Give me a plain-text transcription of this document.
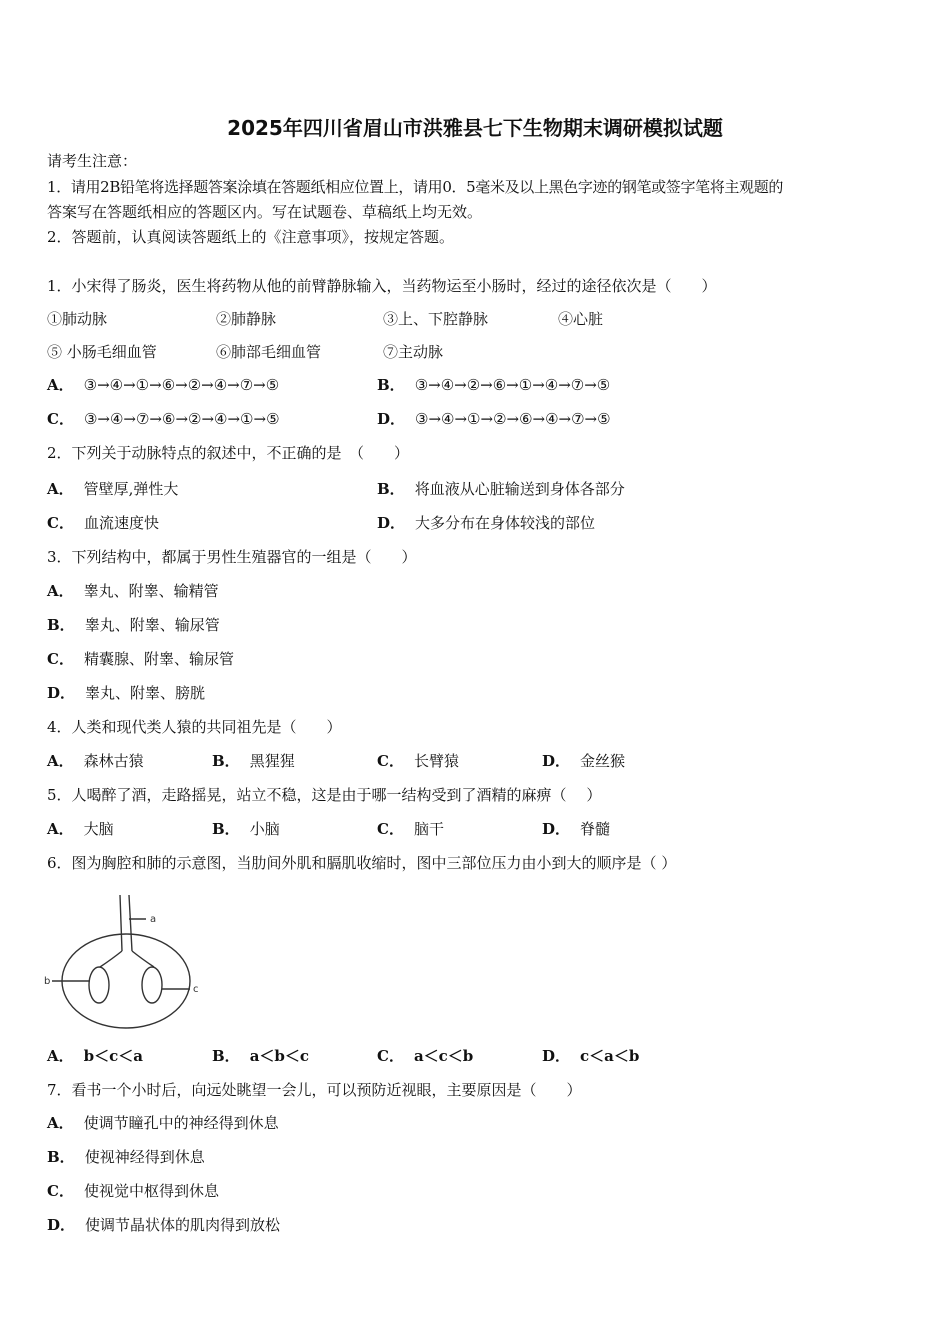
2025年四川省眉山市洪雅县七下生物期末调研模拟试题
请考生注意：
1．请用2B铅笔将选择题答案涂填在答题纸相应位置上，请用0．5毫米及以上黑色字迹的钢笔或签字笔将主观题的
答案写在答题纸相应的答题区内。写在试题卷、草稿纸上均无效。
2．答题前，认真阅读答题纸上的《注意事项》，按规定答题。
1．小宋得了肠炎，医生将药物从他的前臂静脉输入，当药物运至小肠时，经过的途径依次是（　　）
①肺动脉	②肺静脉	③上、下腔静脉	④心脏
⑤ 小肠毛细血管	⑥肺部毛细血管	⑦主动脉
A． ③→④→①→⑥→②→④→⑦→⑤	B． ③→④→②→⑥→①→④→⑦→⑤
C． ③→④→⑦→⑥→②→④→①→⑤	D． ③→④→①→②→⑥→④→⑦→⑤
2．下列关于动脉特点的叙述中，不正确的是　（　　）
A． 管壁厚,弹性大	B． 将血液从心脏输送到身体各部分
C． 血流速度快	D． 大多分布在身体较浅的部位
3．下列结构中，都属于男性生殖器官的一组是（　　）
A． 睾丸、附睾、输精管
B． 睾丸、附睾、输尿管
C． 精囊腺、附睾、输尿管
D． 睾丸、附睾、膀胱
4．人类和现代类人猿的共同祖先是（　　）
A． 森林古猿	B． 黑猩猩	C． 长臂猿	D． 金丝猴
5．人喝醉了酒，走路摇晃，站立不稳，这是由于哪一结构受到了酒精的麻痹（　 ）
A． 大脑	B． 小脑	C． 脑干	D． 脊髓
6．图为胸腔和肺的示意图，当肋间外肌和膈肌收缩时，图中三部位压力由小到大的顺序是（ ）
a
b
c
A． b＜c＜a	B． a＜b＜c	C． a＜c＜b	D． c＜a＜b
7．看书一个小时后，向远处眺望一会儿，可以预防近视眼，主要原因是（　　）
A． 使调节瞳孔中的神经得到休息
B． 使视神经得到休息
C． 使视觉中枢得到休息
D． 使调节晶状体的肌肉得到放松
